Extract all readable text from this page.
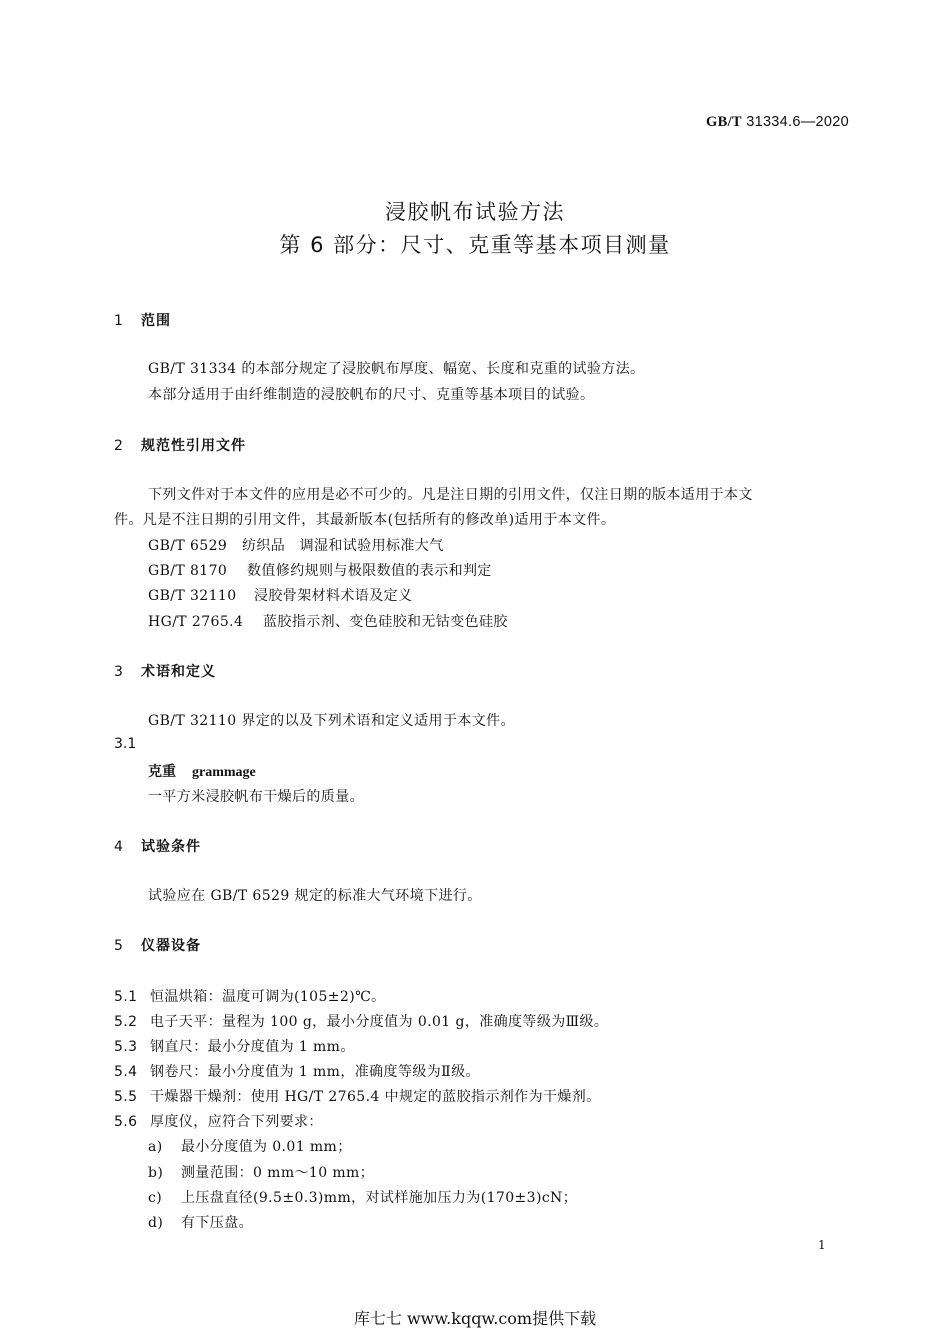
GB/T 31334.6—2020
浸胶帆布试验方法
第 6 部分：尺寸、克重等基本项目测量
1 范围
GB/T 31334 的本部分规定了浸胶帆布厚度、幅宽、长度和克重的试验方法。
本部分适用于由纤维制造的浸胶帆布的尺寸、克重等基本项目的试验。
2 规范性引用文件
下列文件对于本文件的应用是必不可少的。凡是注日期的引用文件，仅注日期的版本适用于本文
件。凡是不注日期的引用文件，其最新版本(包括所有的修改单)适用于本文件。
GB/T 6529 纺织品　调湿和试验用标准大气
GB/T 8170 数值修约规则与极限数值的表示和判定
GB/T 32110 浸胶骨架材料术语及定义
HG/T 2765.4 蓝胶指示剂、变色硅胶和无钴变色硅胶
3 术语和定义
GB/T 32110 界定的以及下列术语和定义适用于本文件。
3.1
克重 grammage
一平方米浸胶帆布干燥后的质量。
4 试验条件
试验应在 GB/T 6529 规定的标准大气环境下进行。
5 仪器设备
5.1 恒温烘箱：温度可调为(105±2)℃。
5.2 电子天平：量程为 100 g，最小分度值为 0.01 g，准确度等级为Ⅲ级。
5.3 钢直尺：最小分度值为 1 mm。
5.4 钢卷尺：最小分度值为 1 mm，准确度等级为Ⅱ级。
5.5 干燥器干燥剂：使用 HG/T 2765.4 中规定的蓝胶指示剂作为干燥剂。
5.6 厚度仪，应符合下列要求：
a) 最小分度值为 0.01 mm；
b) 测量范围：0 mm～10 mm；
c) 上压盘直径(9.5±0.3)mm，对试样施加压力为(170±3)cN；
d) 有下压盘。
1
库七七 www.kqqw.com提供下载
